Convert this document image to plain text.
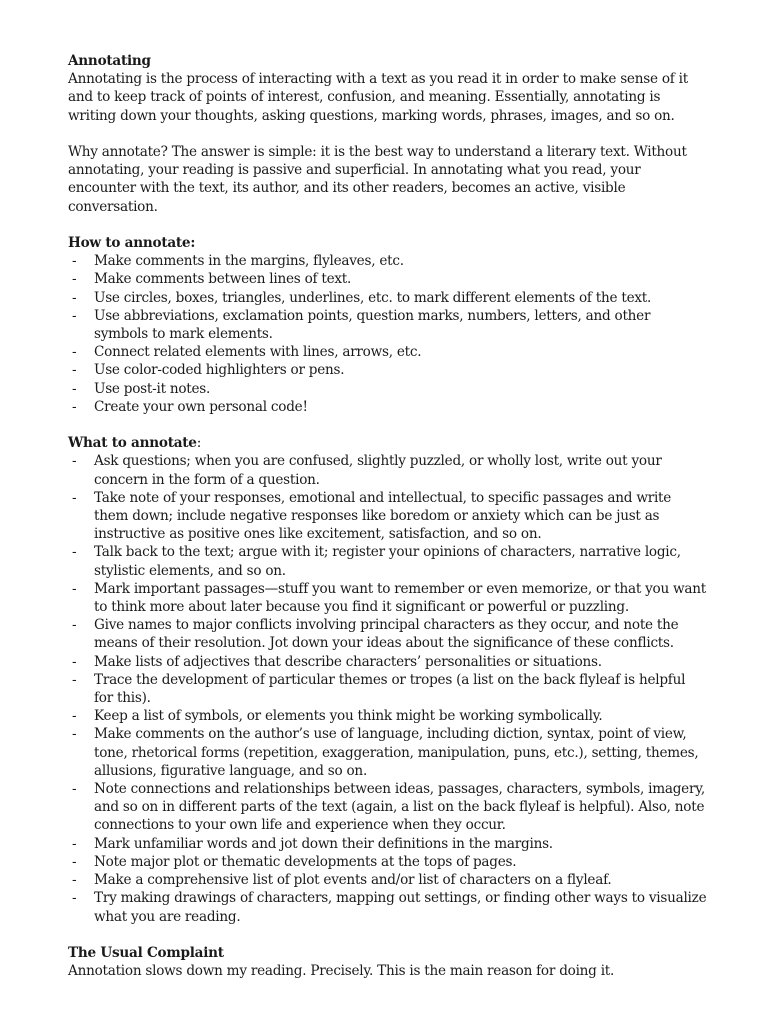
Annotating

Annotating is the process of interacting with a text as you read it in order to make sense of it and to keep track of points of interest, confusion, and meaning. Essentially, annotating is writing down your thoughts, asking questions, marking words, phrases, images, and so on.

Why annotate? The answer is simple: it is the best way to understand a literary text. Without annotating, your reading is passive and superficial. In annotating what you read, your encounter with the text, its author, and its other readers, becomes an active, visible conversation.

How to annotate:

- Make comments in the margins, flyleaves, etc.
- Make comments between lines of text.
- Use circles, boxes, triangles, underlines, etc. to mark different elements of the text.
- Use abbreviations, exclamation points, question marks, numbers, letters, and other symbols to mark elements.
- Connect related elements with lines, arrows, etc.
- Use color-coded highlighters or pens.
- Use post-it notes.
- Create your own personal code!

What to annotate:

- Ask questions; when you are confused, slightly puzzled, or wholly lost, write out your concern in the form of a question.
- Take note of your responses, emotional and intellectual, to specific passages and write them down; include negative responses like boredom or anxiety which can be just as instructive as positive ones like excitement, satisfaction, and so on.
- Talk back to the text; argue with it; register your opinions of characters, narrative logic, stylistic elements, and so on.
- Mark important passages—stuff you want to remember or even memorize, or that you want to think more about later because you find it significant or powerful or puzzling.
- Give names to major conflicts involving principal characters as they occur, and note the means of their resolution. Jot down your ideas about the significance of these conflicts.
- Make lists of adjectives that describe characters’ personalities or situations.
- Trace the development of particular themes or tropes (a list on the back flyleaf is helpful for this).
- Keep a list of symbols, or elements you think might be working symbolically.
- Make comments on the author’s use of language, including diction, syntax, point of view, tone, rhetorical forms (repetition, exaggeration, manipulation, puns, etc.), setting, themes, allusions, figurative language, and so on.
- Note connections and relationships between ideas, passages, characters, symbols, imagery, and so on in different parts of the text (again, a list on the back flyleaf is helpful). Also, note connections to your own life and experience when they occur.
- Mark unfamiliar words and jot down their definitions in the margins.
- Note major plot or thematic developments at the tops of pages.
- Make a comprehensive list of plot events and/or list of characters on a flyleaf.
- Try making drawings of characters, mapping out settings, or finding other ways to visualize what you are reading.

The Usual Complaint

Annotation slows down my reading. Precisely. This is the main reason for doing it.
